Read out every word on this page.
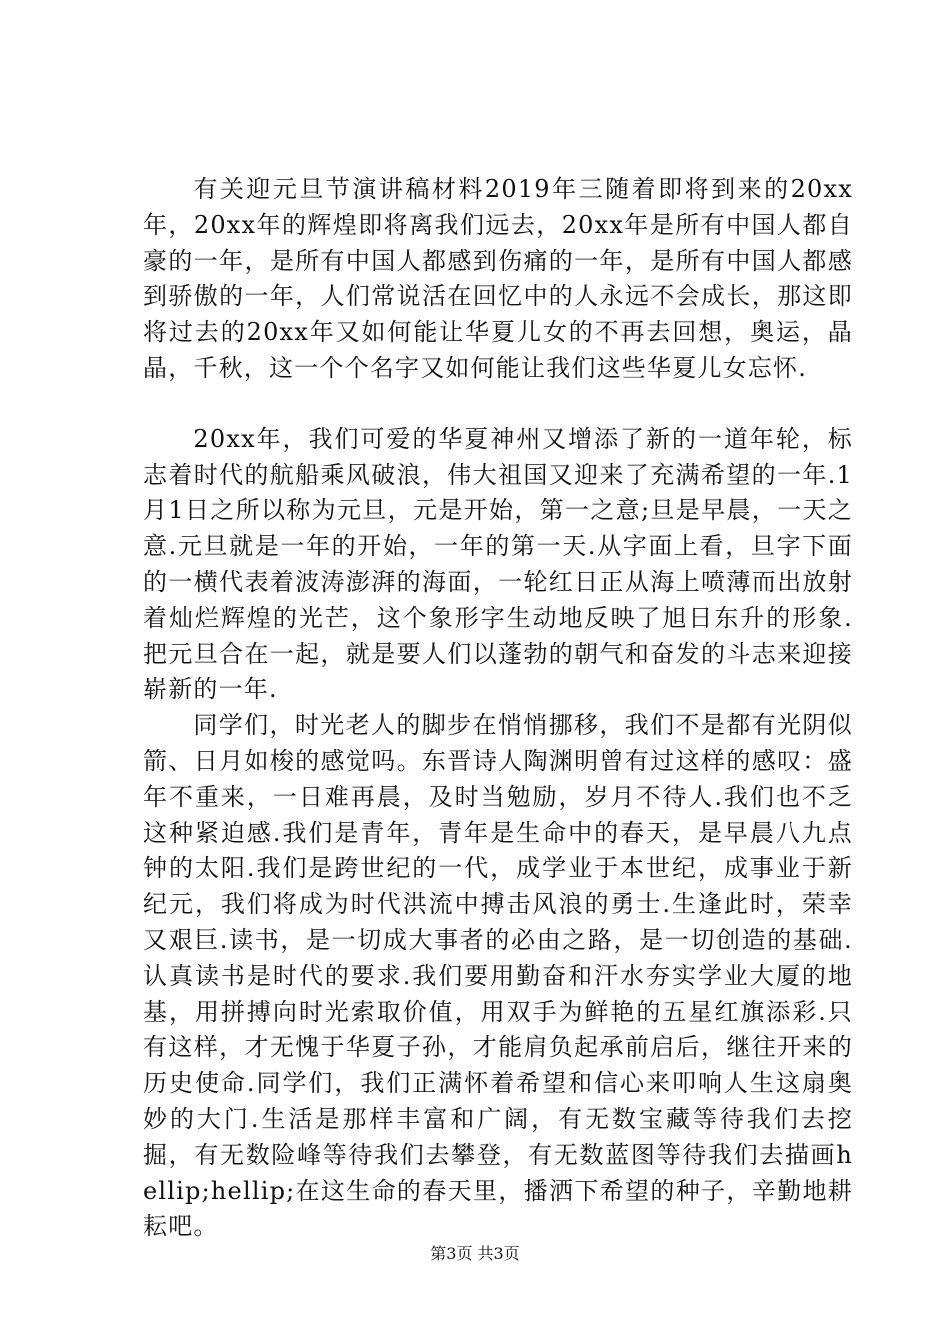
有关迎元旦节演讲稿材料2019年三随着即将到来的20xx年，20xx年的辉煌即将离我们远去，20xx年是所有中国人都自豪的一年，是所有中国人都感到伤痛的一年，是所有中国人都感到骄傲的一年，人们常说活在回忆中的人永远不会成长，那这即将过去的20xx年又如何能让华夏儿女的不再去回想，奥运，晶晶，千秋，这一个个名字又如何能让我们这些华夏儿女忘怀.

20xx年，我们可爱的华夏神州又增添了新的一道年轮，标志着时代的航船乘风破浪，伟大祖国又迎来了充满希望的一年.1月1日之所以称为元旦，元是开始，第一之意;旦是早晨，一天之意.元旦就是一年的开始，一年的第一天.从字面上看，旦字下面的一横代表着波涛澎湃的海面，一轮红日正从海上喷薄而出放射着灿烂辉煌的光芒，这个象形字生动地反映了旭日东升的形象.把元旦合在一起，就是要人们以蓬勃的朝气和奋发的斗志来迎接崭新的一年.

同学们，时光老人的脚步在悄悄挪移，我们不是都有光阴似箭、日月如梭的感觉吗。东晋诗人陶渊明曾有过这样的感叹：盛年不重来，一日难再晨，及时当勉励，岁月不待人.我们也不乏这种紧迫感.我们是青年，青年是生命中的春天，是早晨八九点钟的太阳.我们是跨世纪的一代，成学业于本世纪，成事业于新纪元，我们将成为时代洪流中搏击风浪的勇士.生逢此时，荣幸又艰巨.读书，是一切成大事者的必由之路，是一切创造的基础.认真读书是时代的要求.我们要用勤奋和汗水夯实学业大厦的地基，用拼搏向时光索取价值，用双手为鲜艳的五星红旗添彩.只有这样，才无愧于华夏子孙，才能肩负起承前启后，继往开来的历史使命.同学们，我们正满怀着希望和信心来叩响人生这扇奥妙的大门.生活是那样丰富和广阔，有无数宝藏等待我们去挖掘，有无数险峰等待我们去攀登，有无数蓝图等待我们去描画hellip;hellip;在这生命的春天里，播洒下希望的种子，辛勤地耕耘吧。

第3页 共3页
